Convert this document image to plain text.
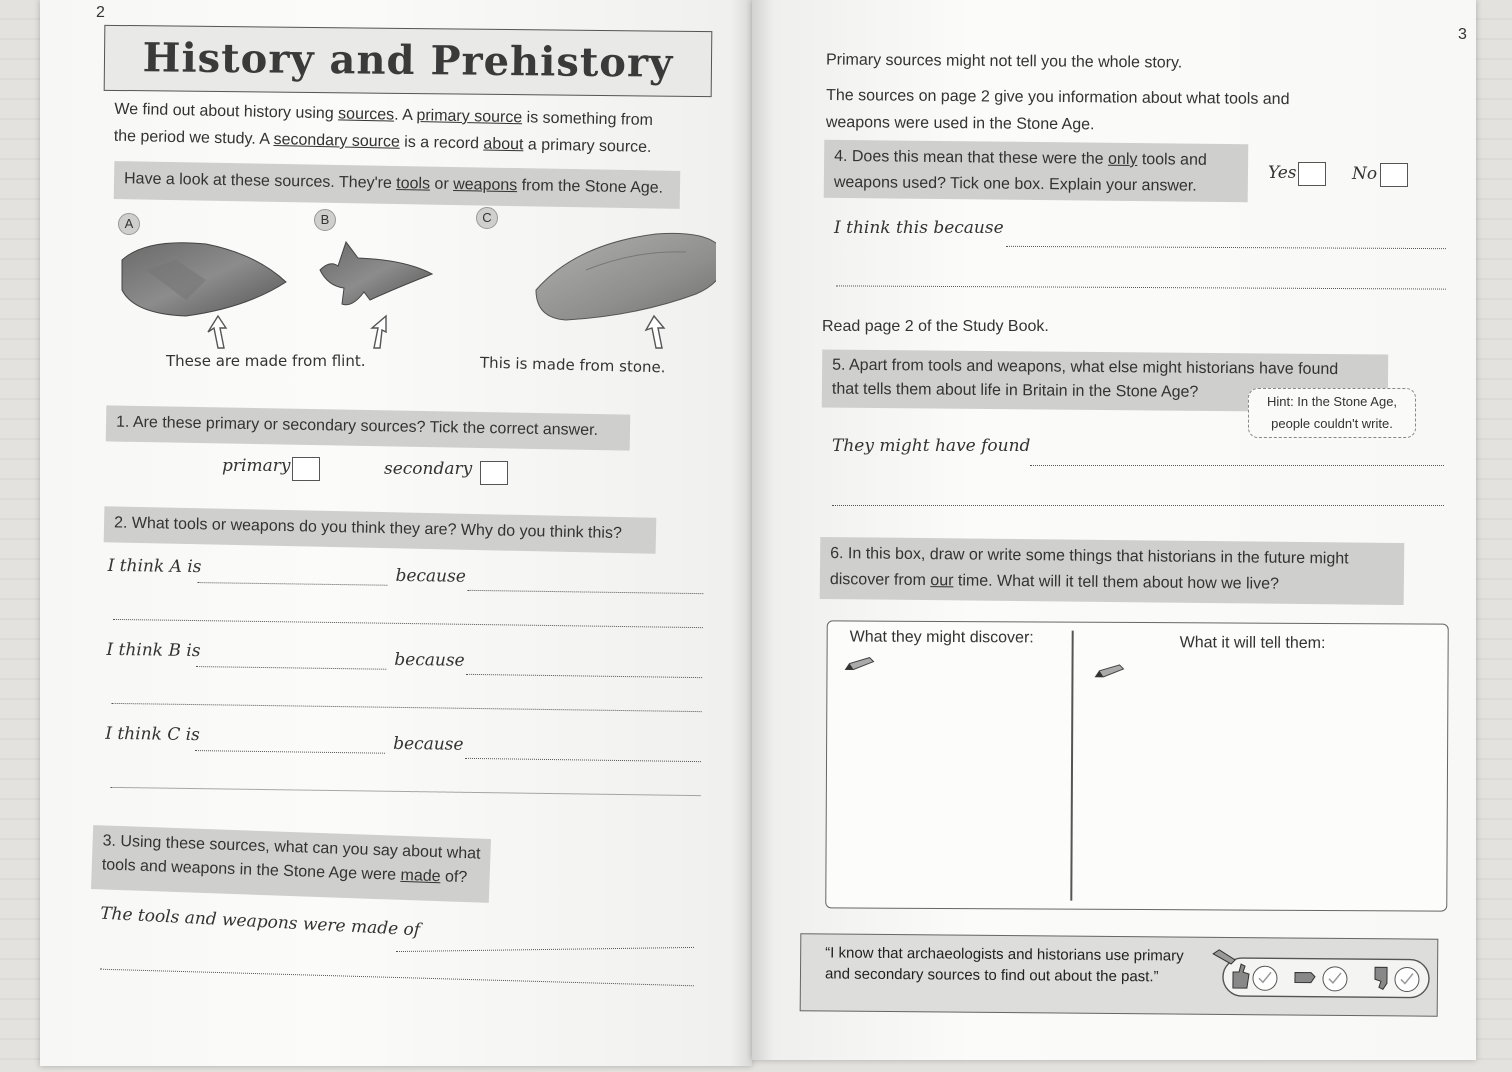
2
History and Prehistory
We find out about history using sources. A primary source is something from
the period we study. A secondary source is a record about a primary source.
Have a look at these sources. They're tools or weapons from the Stone Age.
A	B	C
These are made from flint.	This is made from stone.
1. Are these primary or secondary sources? Tick the correct answer.
primary	secondary
2. What tools or weapons do you think they are? Why do you think this?
I think A is	because
I think B is	because
I think C is	because
3. Using these sources, what can you say about what
tools and weapons in the Stone Age were made of?
The tools and weapons were made of
3
Primary sources might not tell you the whole story.
The sources on page 2 give you information about what tools and
weapons were used in the Stone Age.
4. Does this mean that these were the only tools and
weapons used? Tick one box. Explain your answer.
Yes	No
I think this because
Read page 2 of the Study Book.
5. Apart from tools and weapons, what else might historians have found
that tells them about life in Britain in the Stone Age?
Hint: In the Stone Age,
people couldn't write.
They might have found
6. In this box, draw or write some things that historians in the future might
discover from our time. What will it tell them about how we live?
What they might discover:	What it will tell them:
“I know that archaeologists and historians use primary
and secondary sources to find out about the past.”
